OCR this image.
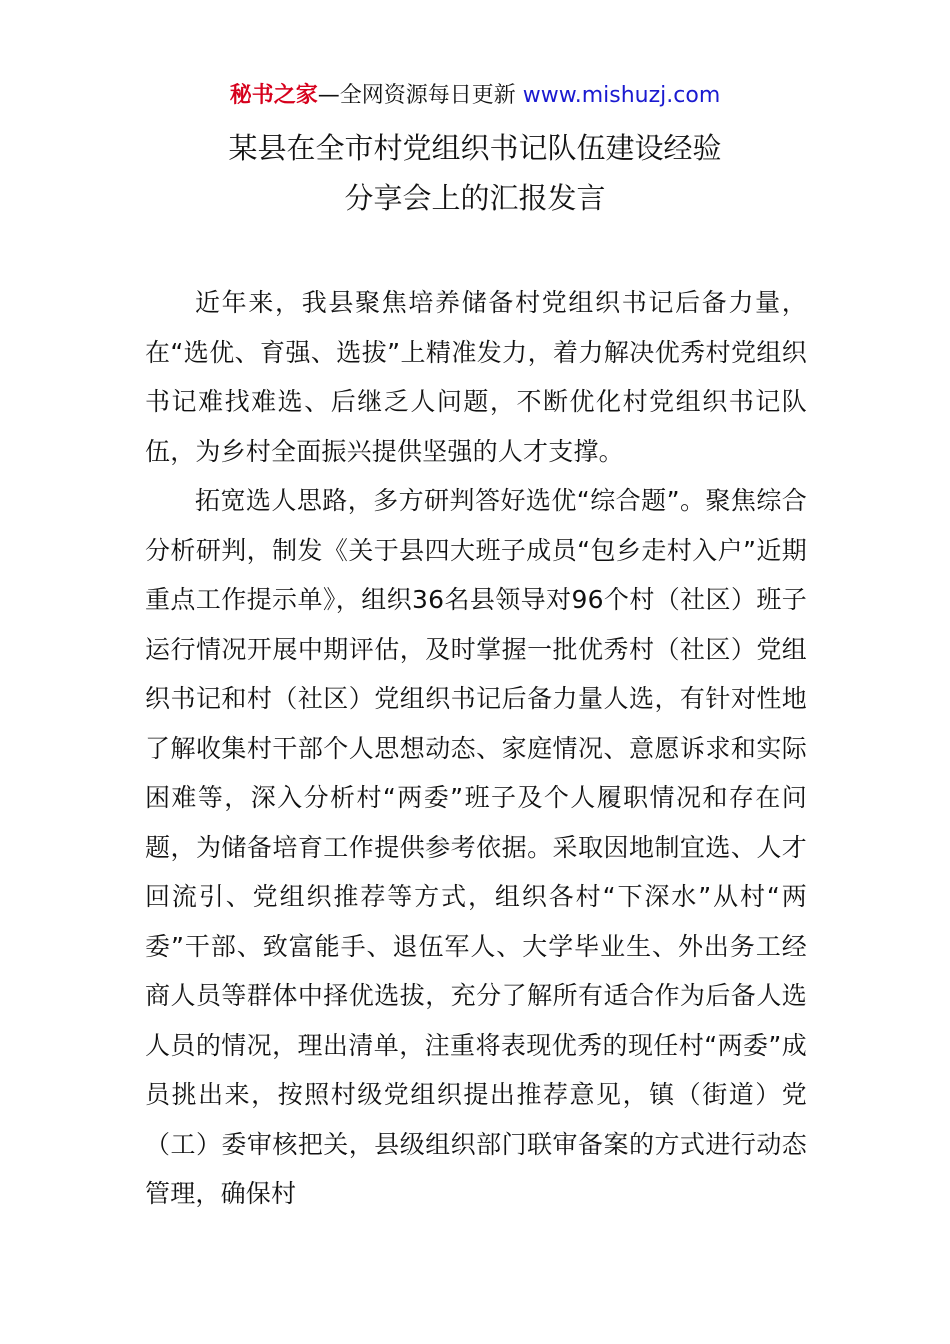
秘书之家—全网资源每日更新 www.mishuzj.com
某县在全市村党组织书记队伍建设经验
分享会上的汇报发言

近年来，我县聚焦培养储备村党组织书记后备力量，在“选优、育强、选拔”上精准发力，着力解决优秀村党组织书记难找难选、后继乏人问题，不断优化村党组织书记队伍，为乡村全面振兴提供坚强的人才支撑。

拓宽选人思路，多方研判答好选优“综合题”。聚焦综合分析研判，制发《关于县四大班子成员“包乡走村入户”近期重点工作提示单》，组织36名县领导对96个村（社区）班子运行情况开展中期评估，及时掌握一批优秀村（社区）党组织书记和村（社区）党组织书记后备力量人选，有针对性地了解收集村干部个人思想动态、家庭情况、意愿诉求和实际困难等，深入分析村“两委”班子及个人履职情况和存在问题，为储备培育工作提供参考依据。采取因地制宜选、人才回流引、党组织推荐等方式，组织各村“下深水”从村“两委”干部、致富能手、退伍军人、大学毕业生、外出务工经商人员等群体中择优选拔，充分了解所有适合作为后备人选人员的情况，理出清单，注重将表现优秀的现任村“两委”成员挑出来，按照村级党组织提出推荐意见，镇（街道）党（工）委审核把关，县级组织部门联审备案的方式进行动态管理，确保村
